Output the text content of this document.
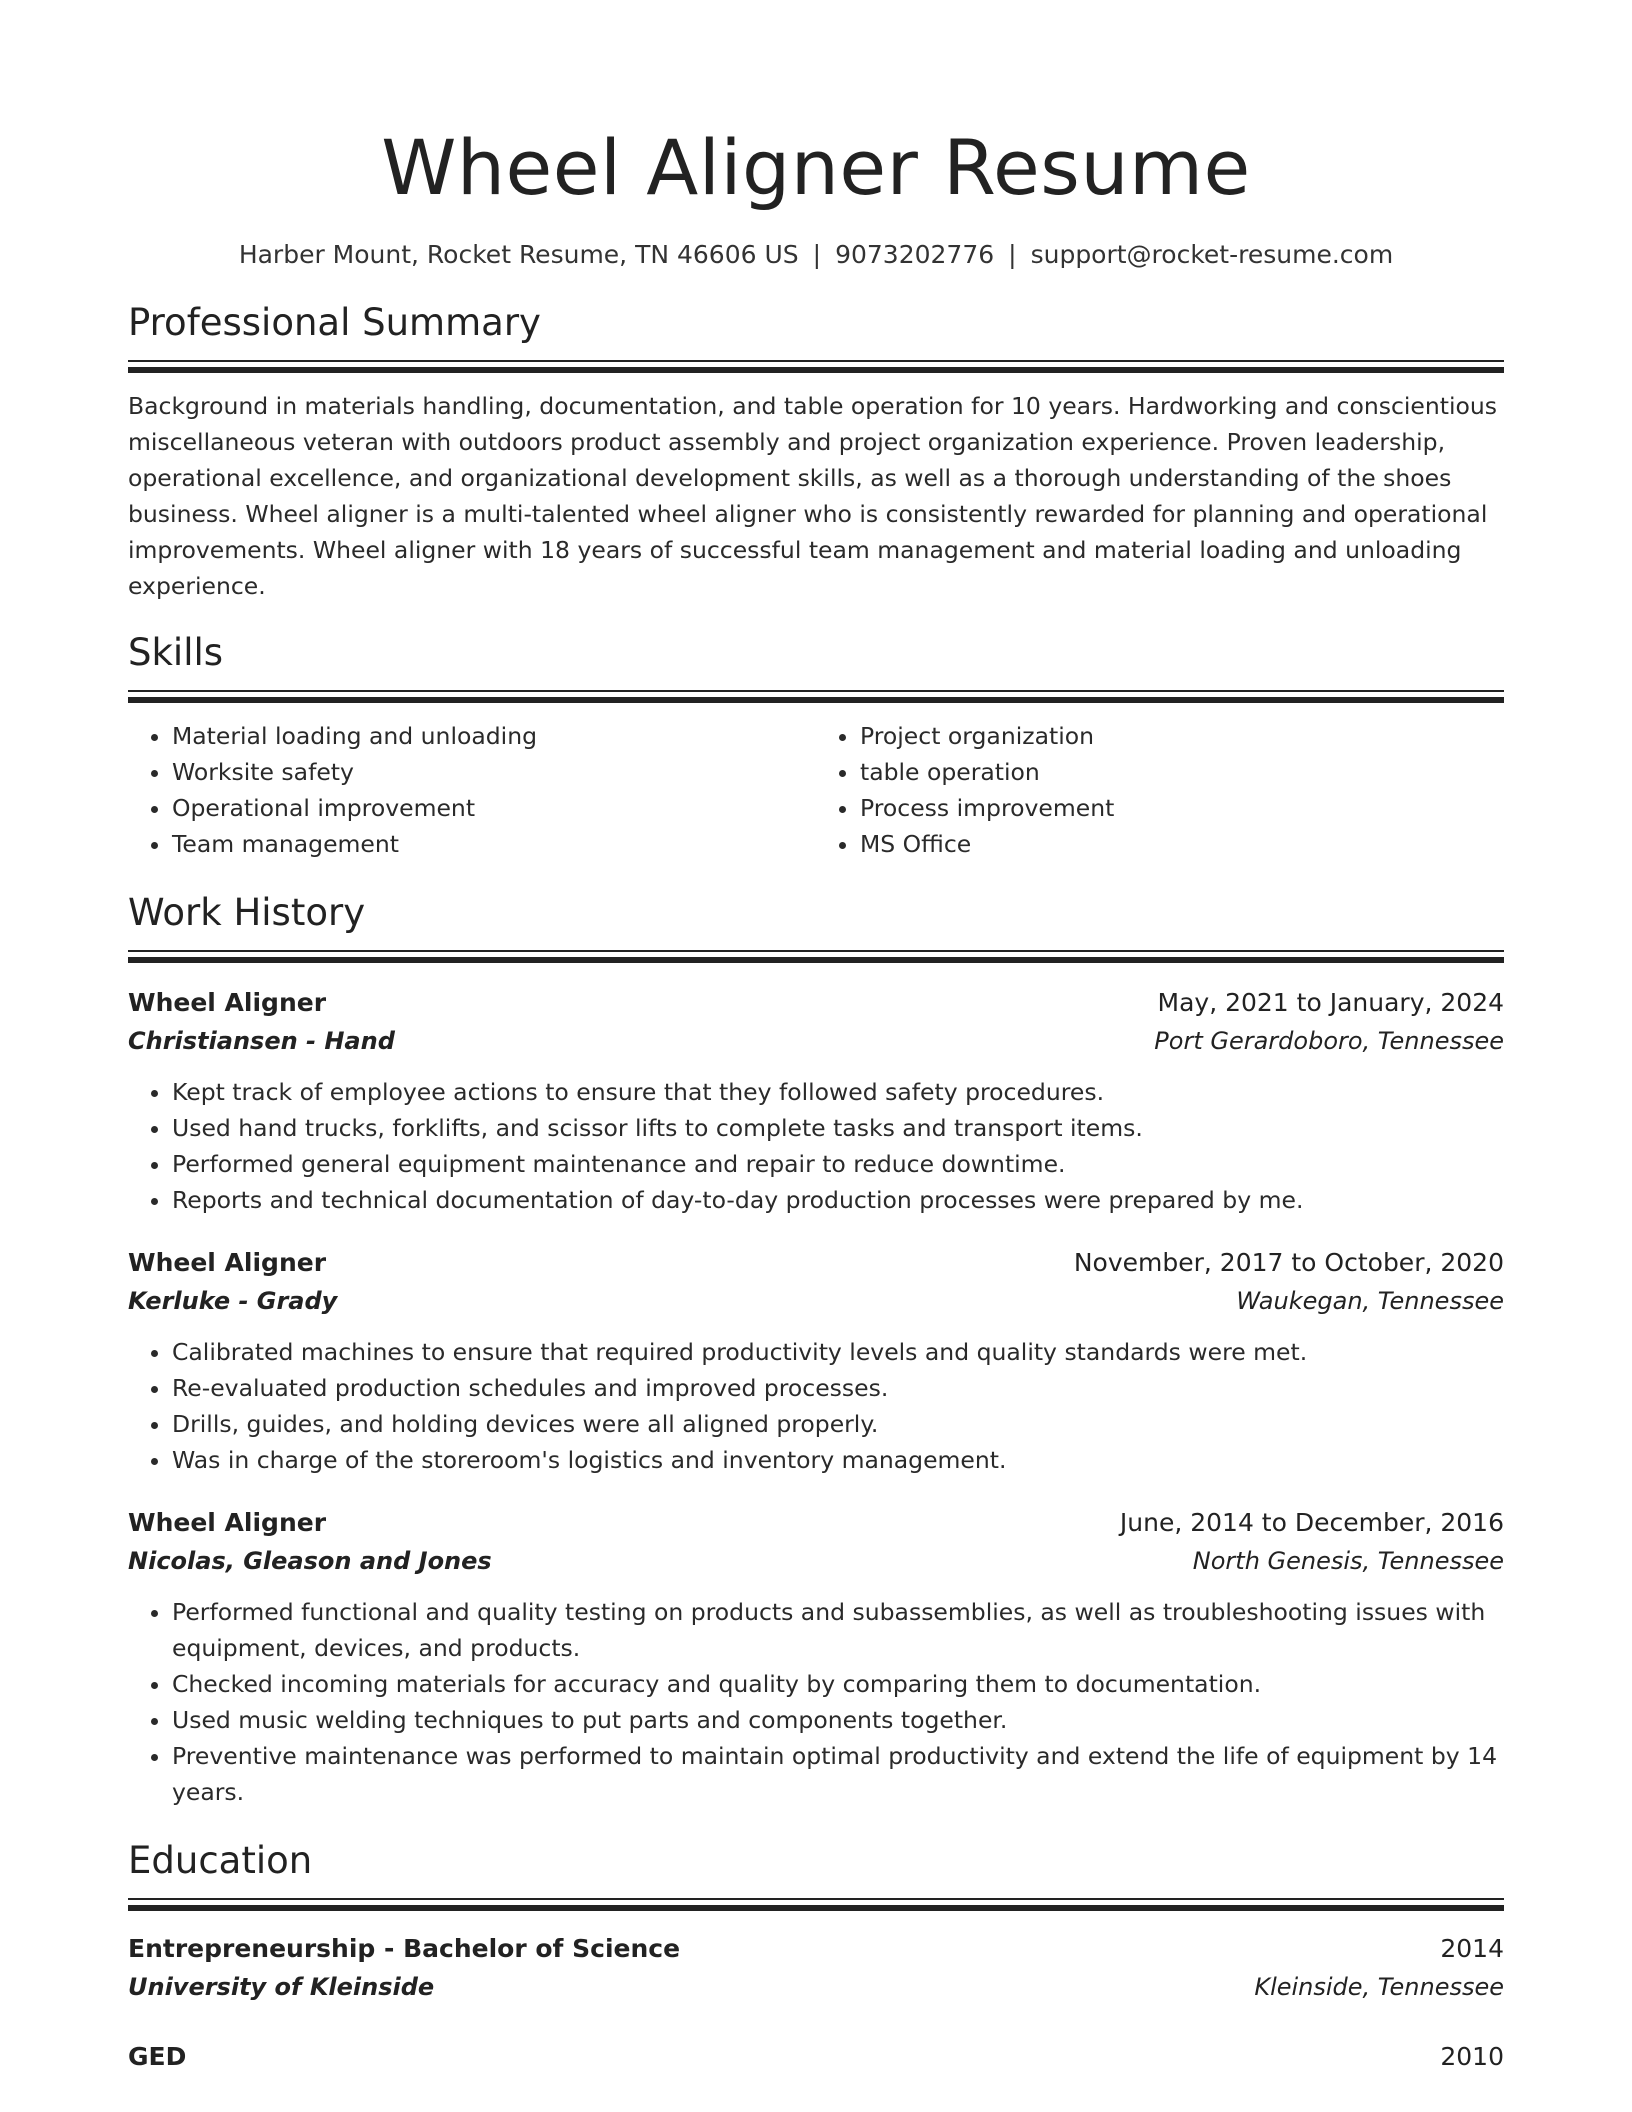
Wheel Aligner Resume
Harber Mount, Rocket Resume, TN 46606 US | 9073202776 | support@rocket-resume.com
Professional Summary

Background in materials handling, documentation, and table operation for 10 years. Hardworking and conscientious miscellaneous veteran with outdoors product assembly and project organization experience. Proven leadership, operational excellence, and organizational development skills, as well as a thorough understanding of the shoes business. Wheel aligner is a multi-talented wheel aligner who is consistently rewarded for planning and operational improvements. Wheel aligner with 18 years of successful team management and material loading and unloading experience.

Skills
• Material loading and unloading
• Worksite safety
• Operational improvement
• Team management
• Project organization
• table operation
• Process improvement
• MS Office
Work History
Wheel Aligner	May, 2021 to January, 2024
Christiansen - Hand	Port Gerardoboro, Tennessee
• Kept track of employee actions to ensure that they followed safety procedures.
• Used hand trucks, forklifts, and scissor lifts to complete tasks and transport items.
• Performed general equipment maintenance and repair to reduce downtime.
• Reports and technical documentation of day-to-day production processes were prepared by me.
Wheel Aligner	November, 2017 to October, 2020
Kerluke - Grady	Waukegan, Tennessee
• Calibrated machines to ensure that required productivity levels and quality standards were met.
• Re-evaluated production schedules and improved processes.
• Drills, guides, and holding devices were all aligned properly.
• Was in charge of the storeroom's logistics and inventory management.
Wheel Aligner	June, 2014 to December, 2016
Nicolas, Gleason and Jones	North Genesis, Tennessee
• Performed functional and quality testing on products and subassemblies, as well as troubleshooting issues with equipment, devices, and products.
• Checked incoming materials for accuracy and quality by comparing them to documentation.
• Used music welding techniques to put parts and components together.
• Preventive maintenance was performed to maintain optimal productivity and extend the life of equipment by 14 years.
Education
Entrepreneurship - Bachelor of Science	2014
University of Kleinside	Kleinside, Tennessee
GED	2010
